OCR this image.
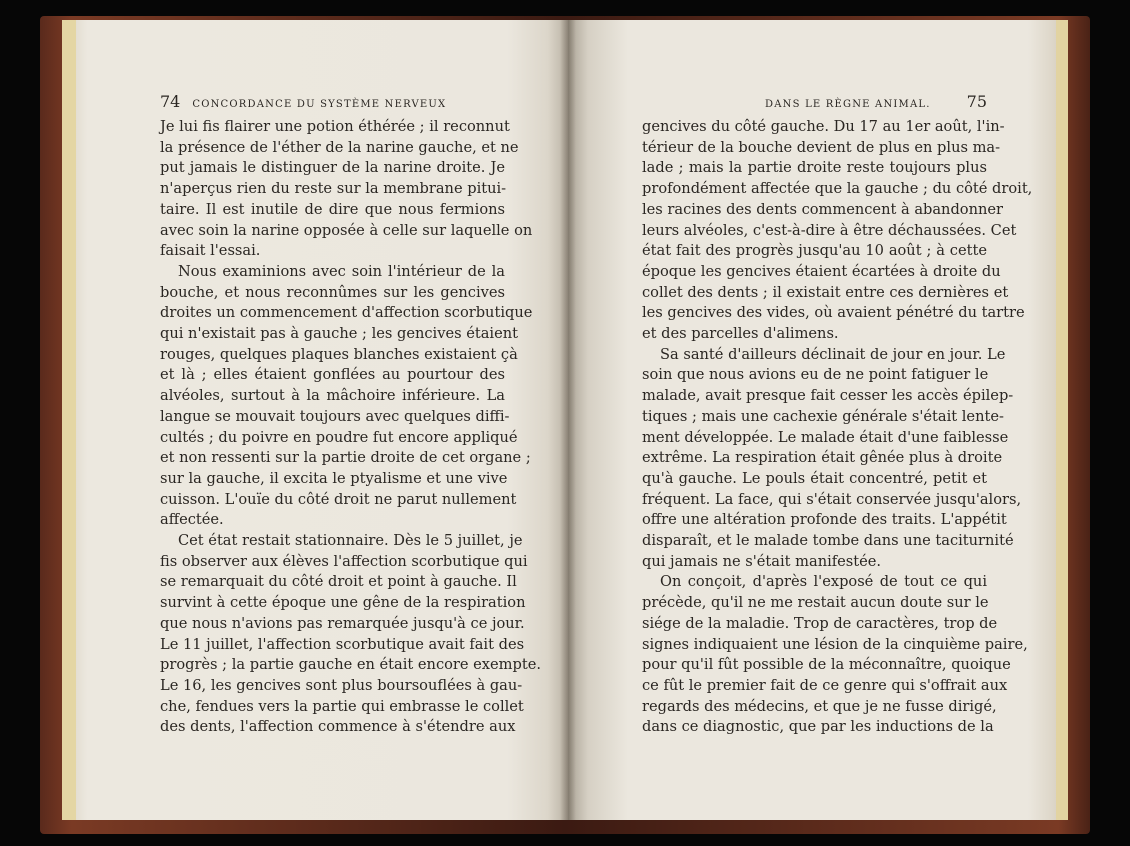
74 CONCORDANCE DU SYSTÈME NERVEUX
Je lui fis flairer une potion éthérée ; il reconnut
la présence de l'éther de la narine gauche, et ne
put jamais le distinguer de la narine droite. Je
n'aperçus rien du reste sur la membrane pitui-
taire. Il est inutile de dire que nous fermions
avec soin la narine opposée à celle sur laquelle on
faisait l'essai.
Nous examinions avec soin l'intérieur de la
bouche, et nous reconnûmes sur les gencives
droites un commencement d'affection scorbutique
qui n'existait pas à gauche ; les gencives étaient
rouges, quelques plaques blanches existaient çà
et là ; elles étaient gonflées au pourtour des
alvéoles, surtout à la mâchoire inférieure. La
langue se mouvait toujours avec quelques diffi-
cultés ; du poivre en poudre fut encore appliqué
et non ressenti sur la partie droite de cet organe ;
sur la gauche, il excita le ptyalisme et une vive
cuisson. L'ouïe du côté droit ne parut nullement
affectée.
Cet état restait stationnaire. Dès le 5 juillet, je
fis observer aux élèves l'affection scorbutique qui
se remarquait du côté droit et point à gauche. Il
survint à cette époque une gêne de la respiration
que nous n'avions pas remarquée jusqu'à ce jour.
Le 11 juillet, l'affection scorbutique avait fait des
progrès ; la partie gauche en était encore exempte.
Le 16, les gencives sont plus boursouflées à gau-
che, fendues vers la partie qui embrasse le collet
des dents, l'affection commence à s'étendre aux
DANS LE RÈGNE ANIMAL. 75
gencives du côté gauche. Du 17 au 1er août, l'in-
térieur de la bouche devient de plus en plus ma-
lade ; mais la partie droite reste toujours plus
profondément affectée que la gauche ; du côté droit,
les racines des dents commencent à abandonner
leurs alvéoles, c'est-à-dire à être déchaussées. Cet
état fait des progrès jusqu'au 10 août ; à cette
époque les gencives étaient écartées à droite du
collet des dents ; il existait entre ces dernières et
les gencives des vides, où avaient pénétré du tartre
et des parcelles d'alimens.
Sa santé d'ailleurs déclinait de jour en jour. Le
soin que nous avions eu de ne point fatiguer le
malade, avait presque fait cesser les accès épilep-
tiques ; mais une cachexie générale s'était lente-
ment développée. Le malade était d'une faiblesse
extrême. La respiration était gênée plus à droite
qu'à gauche. Le pouls était concentré, petit et
fréquent. La face, qui s'était conservée jusqu'alors,
offre une altération profonde des traits. L'appétit
disparaît, et le malade tombe dans une taciturnité
qui jamais ne s'était manifestée.
On conçoit, d'après l'exposé de tout ce qui
précède, qu'il ne me restait aucun doute sur le
siége de la maladie. Trop de caractères, trop de
signes indiquaient une lésion de la cinquième paire,
pour qu'il fût possible de la méconnaître, quoique
ce fût le premier fait de ce genre qui s'offrait aux
regards des médecins, et que je ne fusse dirigé,
dans ce diagnostic, que par les inductions de la
